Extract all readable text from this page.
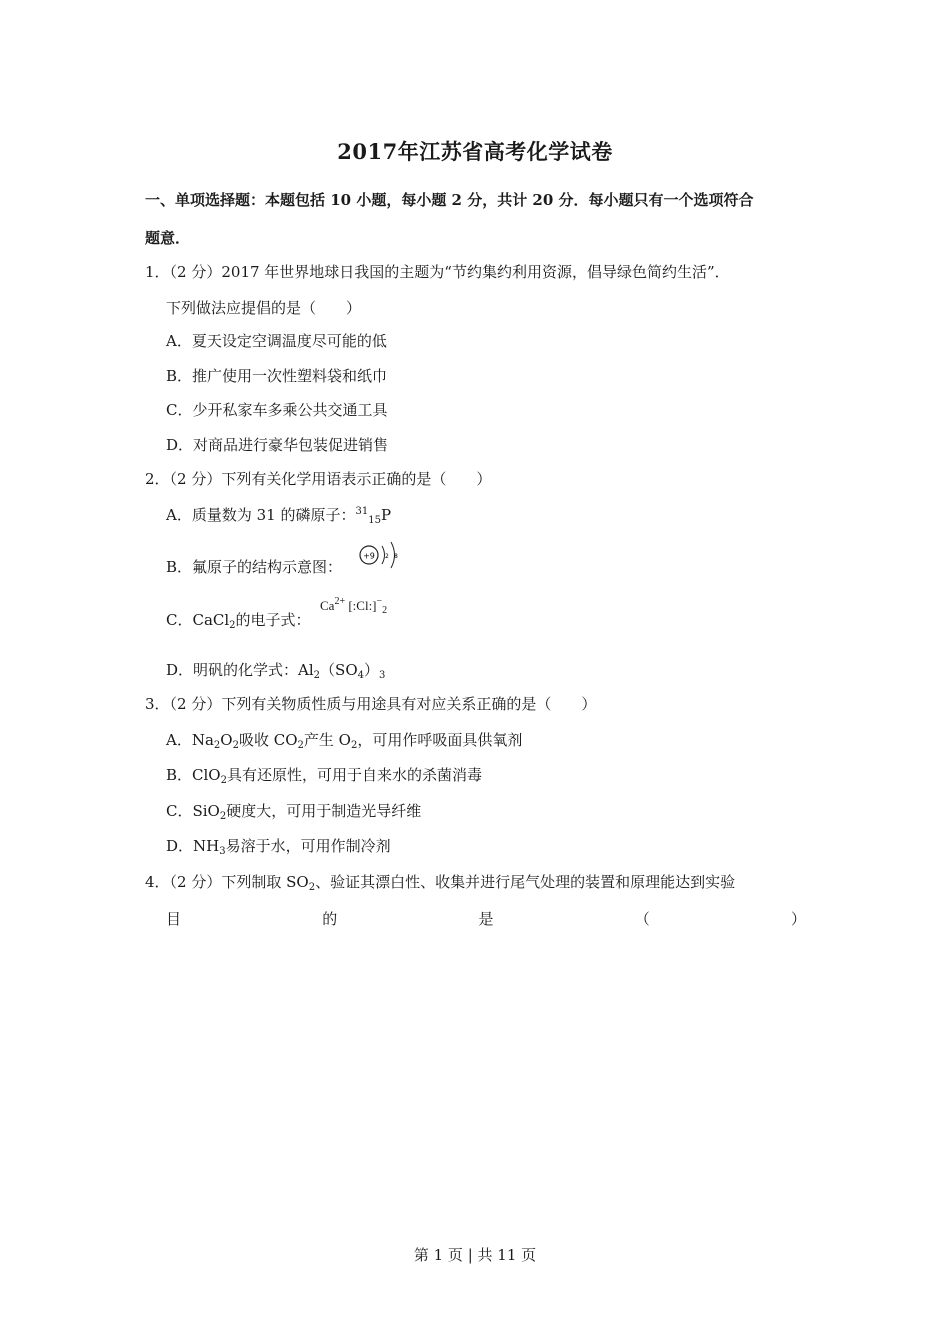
2017年江苏省高考化学试卷
一、单项选择题：本题包括 10 小题，每小题 2 分，共计 20 分．每小题只有一个选项符合
题意．
1．（2 分）2017 年世界地球日我国的主题为“节约集约利用资源，倡导绿色简约生活”．
下列做法应提倡的是（　　）
A．夏天设定空调温度尽可能的低
B．推广使用一次性塑料袋和纸巾
C．少开私家车多乘公共交通工具
D．对商品进行豪华包装促进销售
2．（2 分）下列有关化学用语表示正确的是（　　）
A．质量数为 31 的磷原子：$^{31}_{15}$P
B．氟原子的结构示意图：
+9 2 8
C．CaCl$_2$的电子式：
$Ca^{2+}$ $[:Cl:]^-_2$
D．明矾的化学式：$Al_2(SO_4)_3$
3．（2 分）下列有关物质性质与用途具有对应关系正确的是（　　）
A．$Na_2O_2$吸收 $CO_2$产生 $O_2$，可用作呼吸面具供氧剂
B．ClO$_2$具有还原性，可用于自来水的杀菌消毒
C．SiO$_2$硬度大，可用于制造光导纤维
D．$NH_3$易溶于水，可用作制冷剂
4．（2 分）下列制取 $SO_2$、验证其漂白性、收集并进行尾气处理的装置和原理能达到实验
目	的	是	（	）
第 1 页 | 共 11 页
